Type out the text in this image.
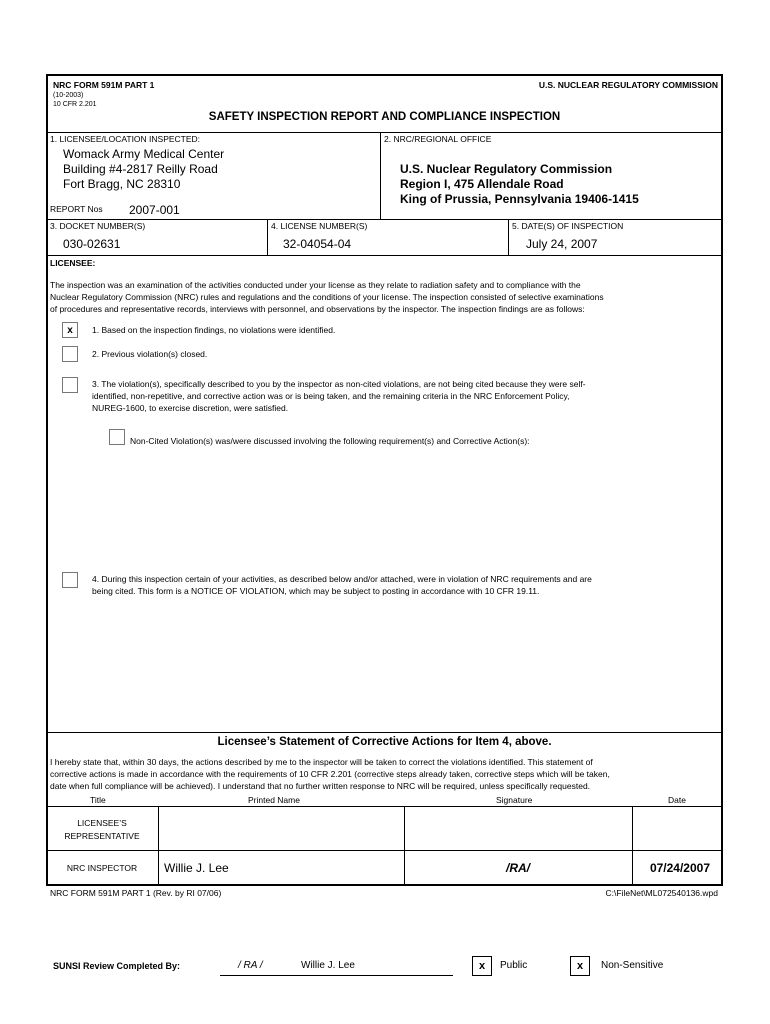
NRC FORM 591M PART 1
(10-2003)
10 CFR 2.201
U.S. NUCLEAR REGULATORY COMMISSION
SAFETY INSPECTION REPORT AND COMPLIANCE INSPECTION
1. LICENSEE/LOCATION INSPECTED:
Womack Army Medical Center
Building #4-2817 Reilly Road
Fort Bragg, NC 28310
REPORT Nos 2007-001
2. NRC/REGIONAL OFFICE
U.S. Nuclear Regulatory Commission
Region I, 475 Allendale Road
King of Prussia, Pennsylvania 19406-1415
3. DOCKET NUMBER(S)
030-02631
4. LICENSE NUMBER(S)
32-04054-04
5. DATE(S) OF INSPECTION
July 24, 2007
LICENSEE:
The inspection was an examination of the activities conducted under your license as they relate to radiation safety and to compliance with the
Nuclear Regulatory Commission (NRC) rules and regulations and the conditions of your license. The inspection consisted of selective examinations
of procedures and representative records, interviews with personnel, and observations by the inspector. The inspection findings are as follows:
x	1. Based on the inspection findings, no violations were identified.
2. Previous violation(s) closed.
3. The violation(s), specifically described to you by the inspector as non-cited violations, are not being cited because they were self-
identified, non-repetitive, and corrective action was or is being taken, and the remaining criteria in the NRC Enforcement Policy,
NUREG-1600, to exercise discretion, were satisfied.
Non-Cited Violation(s) was/were discussed involving the following requirement(s) and Corrective Action(s):
4. During this inspection certain of your activities, as described below and/or attached, were in violation of NRC requirements and are
being cited. This form is a NOTICE OF VIOLATION, which may be subject to posting in accordance with 10 CFR 19.11.
Licensee’s Statement of Corrective Actions for Item 4, above.
I hereby state that, within 30 days, the actions described by me to the inspector will be taken to correct the violations identified. This statement of
corrective actions is made in accordance with the requirements of 10 CFR 2.201 (corrective steps already taken, corrective steps which will be taken,
date when full compliance will be achieved). I understand that no further written response to NRC will be required, unless specifically requested.
Title	Printed Name	Signature	Date
LICENSEE’S
REPRESENTATIVE
NRC INSPECTOR	Willie J. Lee	/RA/	07/24/2007
NRC FORM 591M PART 1 (Rev. by RI 07/06)	C:\FileNet\ML072540136.wpd
SUNSI Review Completed By:	/ RA /	Willie J. Lee	x	Public	x	Non-Sensitive
